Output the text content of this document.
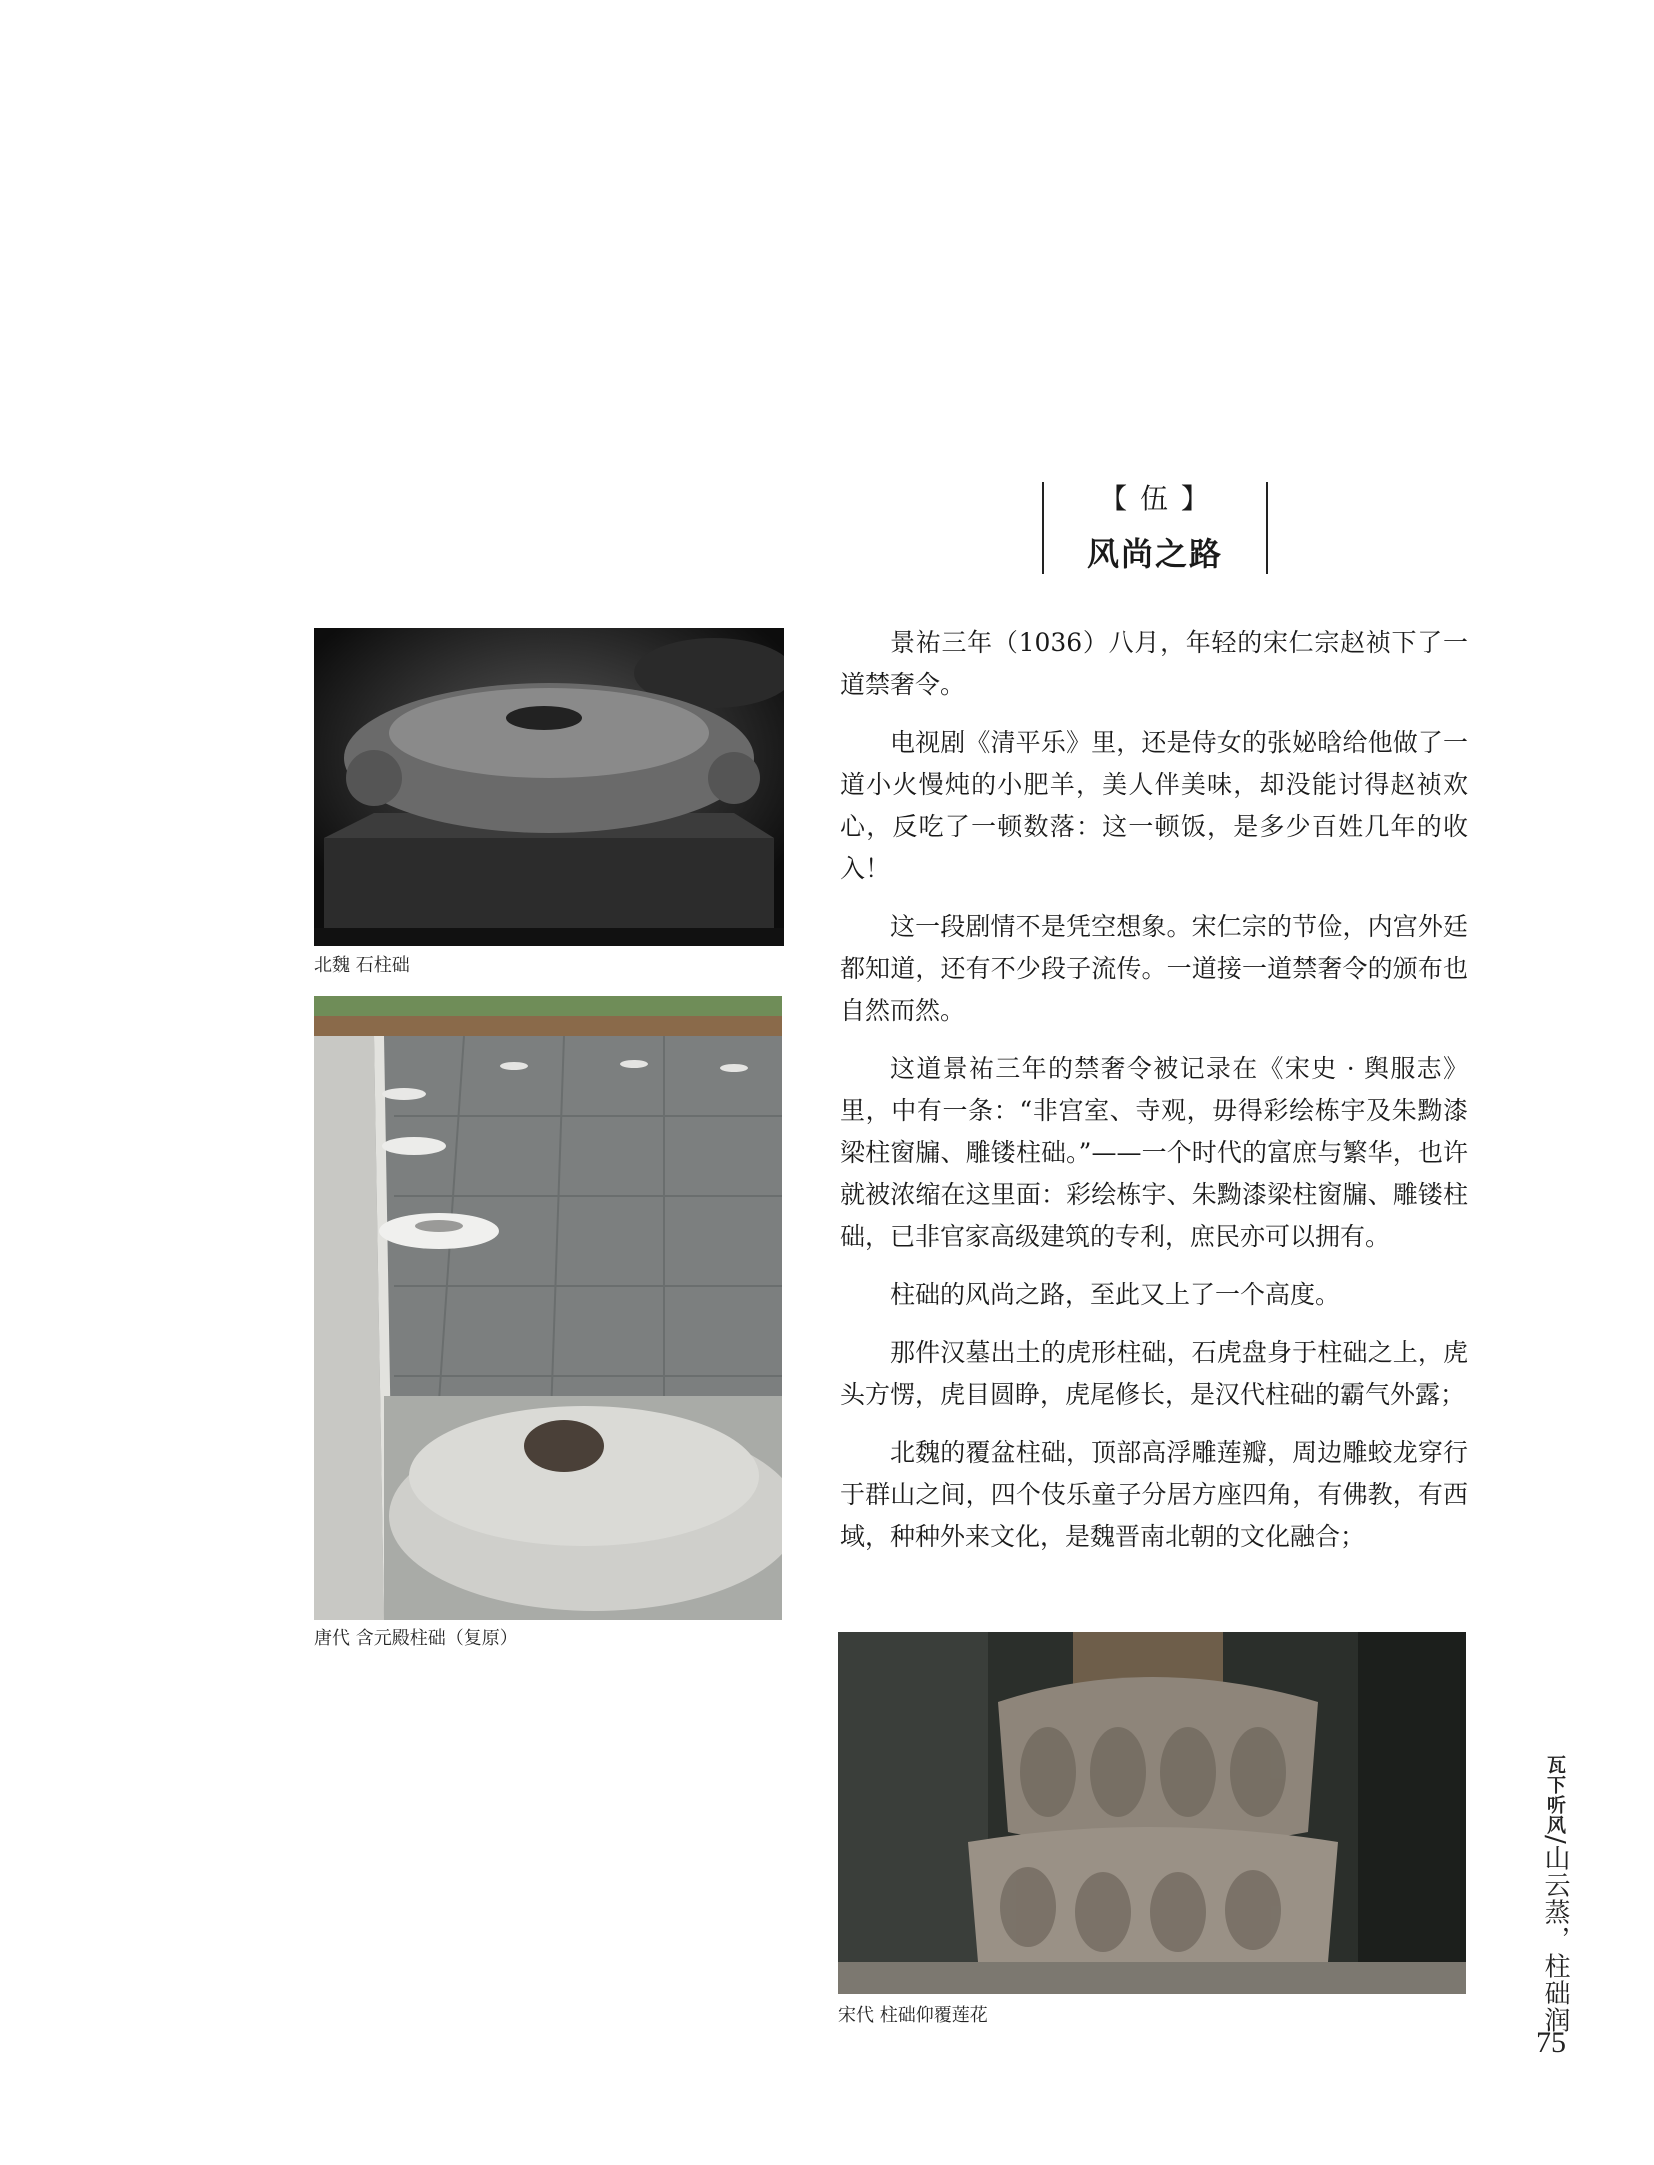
【 伍 】
风尚之路
北魏 石柱础
唐代 含元殿柱础（复原）

景祐三年（1036）八月，年轻的宋仁宗赵祯下了一道禁奢令。

电视剧《清平乐》里，还是侍女的张妼晗给他做了一道小火慢炖的小肥羊，美人伴美味，却没能讨得赵祯欢心，反吃了一顿数落：这一顿饭，是多少百姓几年的收入！

这一段剧情不是凭空想象。宋仁宗的节俭，内宫外廷都知道，还有不少段子流传。一道接一道禁奢令的颁布也自然而然。

这道景祐三年的禁奢令被记录在《宋史 · 舆服志》里，中有一条：“非宫室、寺观，毋得彩绘栋宇及朱黝漆梁柱窗牖、雕镂柱础。”——一个时代的富庶与繁华，也许就被浓缩在这里面：彩绘栋宇、朱黝漆梁柱窗牖、雕镂柱础，已非官家高级建筑的专利，庶民亦可以拥有。

柱础的风尚之路，至此又上了一个高度。

那件汉墓出土的虎形柱础，石虎盘身于柱础之上，虎头方愣，虎目圆睁，虎尾修长，是汉代柱础的霸气外露；

北魏的覆盆柱础，顶部高浮雕莲瓣，周边雕蛟龙穿行于群山之间，四个伎乐童子分居方座四角，有佛教，有西域，种种外来文化，是魏晋南北朝的文化融合；

宋代 柱础仰覆莲花
瓦下听风/山云蒸，柱础润
75
